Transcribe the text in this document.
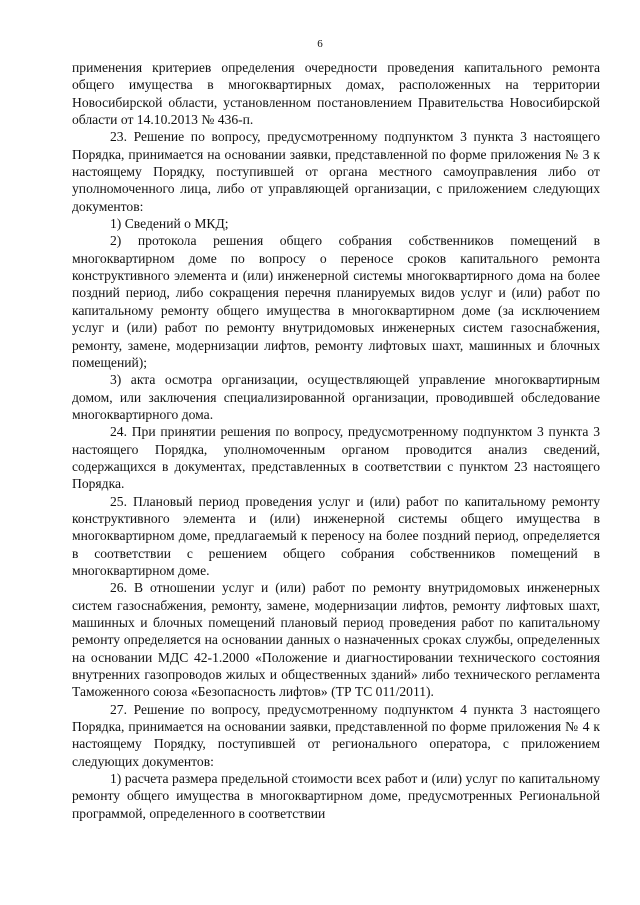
6

применения критериев определения очередности проведения капитального ремонта общего имущества в многоквартирных домах, расположенных на территории Новосибирской области, установленном постановлением Правительства Новосибирской области от 14.10.2013 № 436-п.

23. Решение по вопросу, предусмотренному подпунктом 3 пункта 3 настоящего Порядка, принимается на основании заявки, представленной по форме приложения № 3 к настоящему Порядку, поступившей от органа местного самоуправления либо от уполномоченного лица, либо от управляющей организации, с приложением следующих документов:

1) Сведений о МКД;

2) протокола решения общего собрания собственников помещений в многоквартирном доме по вопросу о переносе сроков капитального ремонта конструктивного элемента и (или) инженерной системы многоквартирного дома на более поздний период, либо сокращения перечня планируемых видов услуг и (или) работ по капитальному ремонту общего имущества в многоквартирном доме (за исключением услуг и (или) работ по ремонту внутридомовых инженерных систем газоснабжения, ремонту, замене, модернизации лифтов, ремонту лифтовых шахт, машинных и блочных помещений);

3) акта осмотра организации, осуществляющей управление многоквартирным домом, или заключения специализированной организации, проводившей обследование многоквартирного дома.

24. При принятии решения по вопросу, предусмотренному подпунктом 3 пункта 3 настоящего Порядка, уполномоченным органом проводится анализ сведений, содержащихся в документах, представленных в соответствии с пунктом 23 настоящего Порядка.

25. Плановый период проведения услуг и (или) работ по капитальному ремонту конструктивного элемента и (или) инженерной системы общего имущества в многоквартирном доме, предлагаемый к переносу на более поздний период, определяется в соответствии с решением общего собрания собственников помещений в многоквартирном доме.

26. В отношении услуг и (или) работ по ремонту внутридомовых инженерных систем газоснабжения, ремонту, замене, модернизации лифтов, ремонту лифтовых шахт, машинных и блочных помещений плановый период проведения работ по капитальному ремонту определяется на основании данных о назначенных сроках службы, определенных на основании МДС 42-1.2000 «Положение и диагностировании технического состояния внутренних газопроводов жилых и общественных зданий» либо технического регламента Таможенного союза «Безопасность лифтов» (ТР ТС 011/2011).

27. Решение по вопросу, предусмотренному подпунктом 4 пункта 3 настоящего Порядка, принимается на основании заявки, представленной по форме приложения № 4 к настоящему Порядку, поступившей от регионального оператора, с приложением следующих документов:

1) расчета размера предельной стоимости всех работ и (или) услуг по капитальному ремонту общего имущества в многоквартирном доме, предусмотренных Региональной программой, определенного в соответствии
